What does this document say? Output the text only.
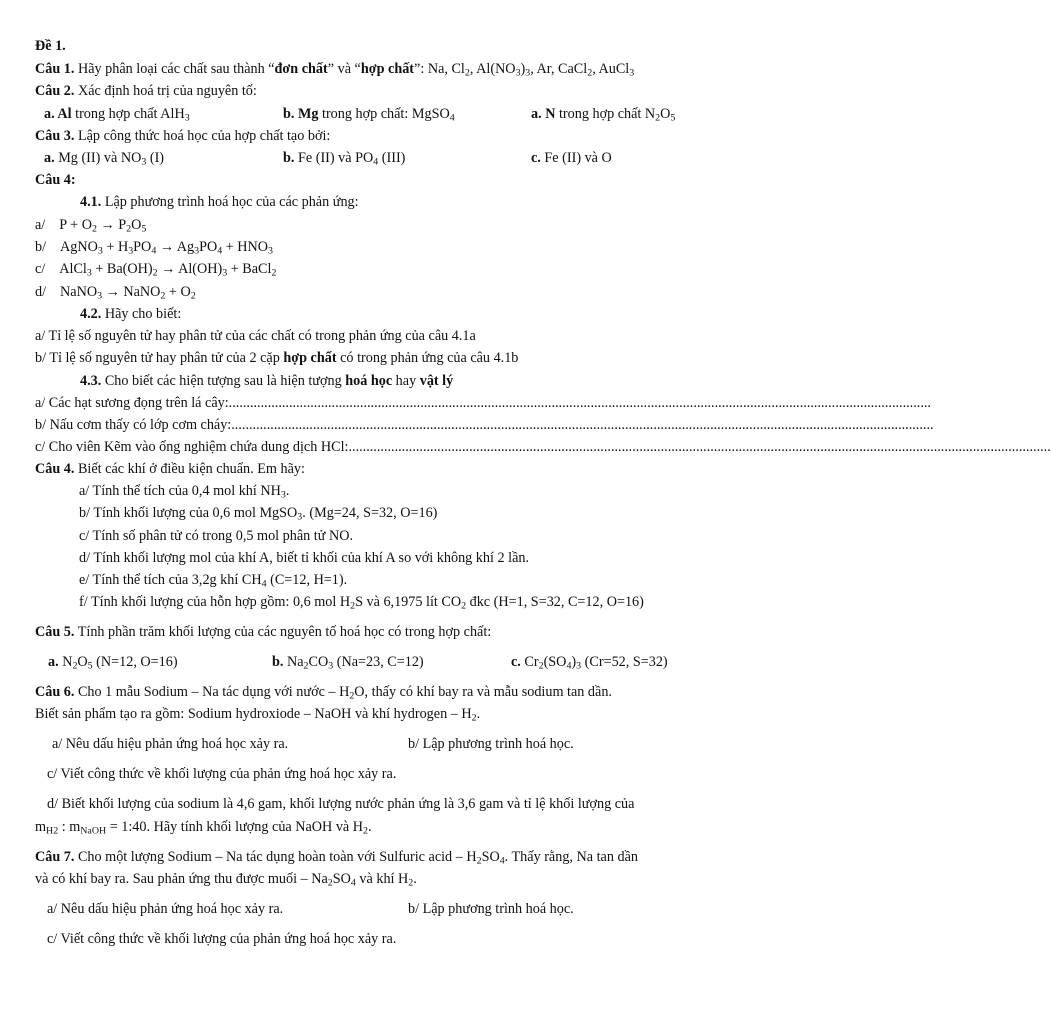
Đề 1.
Câu 1. Hãy phân loại các chất sau thành “đơn chất” và “hợp chất”: Na, $Cl_2$, $Al(NO_3)_3$, Ar, CaCl$_2$, AuCl$_3$
Câu 2. Xác định hoá trị của nguyên tố:
a. Al trong hợp chất AlH$_3$	b. Mg trong hợp chất: MgSO$_4$	a. N trong hợp chất $N_2O_5$
Câu 3. Lập công thức hoá học của hợp chất tạo bởi:
a. Mg (II) và $NO_3$ (I)	b. Fe (II) và $PO_4$ (III)	c. Fe (II) và O
Câu 4:
4.1. Lập phương trình hoá học của các phản ứng:
a/ $P + O_2 \to P_2O_5$
b/ AgNO$_3$ + $H_3PO_4 \to Ag_3PO_4 + HNO_3$
c/ AlCl$_3$ + $Ba(OH)_2 \to Al(OH)_3$ + BaCl$_2$
d/ NaNO$_3$ → NaNO$_2$ + $O_2$
4.2. Hãy cho biết:
a/ Tỉ lệ số nguyên tử hay phân tử của các chất có trong phản ứng của câu 4.1a
b/ Tỉ lệ số nguyên tử hay phân tử của 2 cặp hợp chất có trong phản ứng của câu 4.1b
4.3. Cho biết các hiện tượng sau là hiện tượng hoá học hay vật lý
a/ Các hạt sương đọng trên lá cây:......................................................................................................................................................................................................
b/ Nấu cơm thấy có lớp cơm cháy:......................................................................................................................................................................................................
c/ Cho viên Kẽm vào ống nghiệm chứa dung dịch HCl:......................................................................................................................................................................................................
Câu 4. Biết các khí ở điều kiện chuẩn. Em hãy:
a/ Tính thể tích của 0,4 mol khí $NH_3$.
b/ Tính khối lượng của 0,6 mol MgSO$_3$. (Mg=24, S=32, O=16)
c/ Tính số phân tử có trong 0,5 mol phân tử NO.
d/ Tính khối lượng mol của khí A, biết tỉ khối của khí A so với không khí 2 lần.
e/ Tính thể tích của 3,2g khí $CH_4$ (C=12, H=1).
f/ Tính khối lượng của hỗn hợp gồm: 0,6 mol $H_2S$ và 6,1975 lít $CO_2$ đkc (H=1, S=32, C=12, O=16)
Câu 5. Tính phần trăm khối lượng của các nguyên tố hoá học có trong hợp chất:
a. $N_2O_5$ (N=12, O=16)	b. $Na_2CO_3$ (Na=23, C=12)	c. $Cr_2(SO_4)_3$ (Cr=52, S=32)
Câu 6. Cho 1 mẫu Sodium – Na tác dụng với nước – $H_2O$, thấy có khí bay ra và mẫu sodium tan dần.
Biết sản phẩm tạo ra gồm: Sodium hydroxiode – NaOH và khí hydrogen – $H_2$.
a/ Nêu dấu hiệu phản ứng hoá học xảy ra.	b/ Lập phương trình hoá học.
c/ Viết công thức về khối lượng của phản ứng hoá học xảy ra.
d/ Biết khối lượng của sodium là 4,6 gam, khối lượng nước phản ứng là 3,6 gam và tỉ lệ khối lượng của
$m_{H2}$ : $m_{NaOH}$ = 1:40. Hãy tính khối lượng của NaOH và $H_2$.
Câu 7. Cho một lượng Sodium – Na tác dụng hoàn toàn với Sulfuric acid – $H_2SO_4$. Thấy rằng, Na tan dần
và có khí bay ra. Sau phản ứng thu được muối – $Na_2SO_4$ và khí $H_2$.
a/ Nêu dấu hiệu phản ứng hoá học xảy ra.	b/ Lập phương trình hoá học.
c/ Viết công thức về khối lượng của phản ứng hoá học xảy ra.
